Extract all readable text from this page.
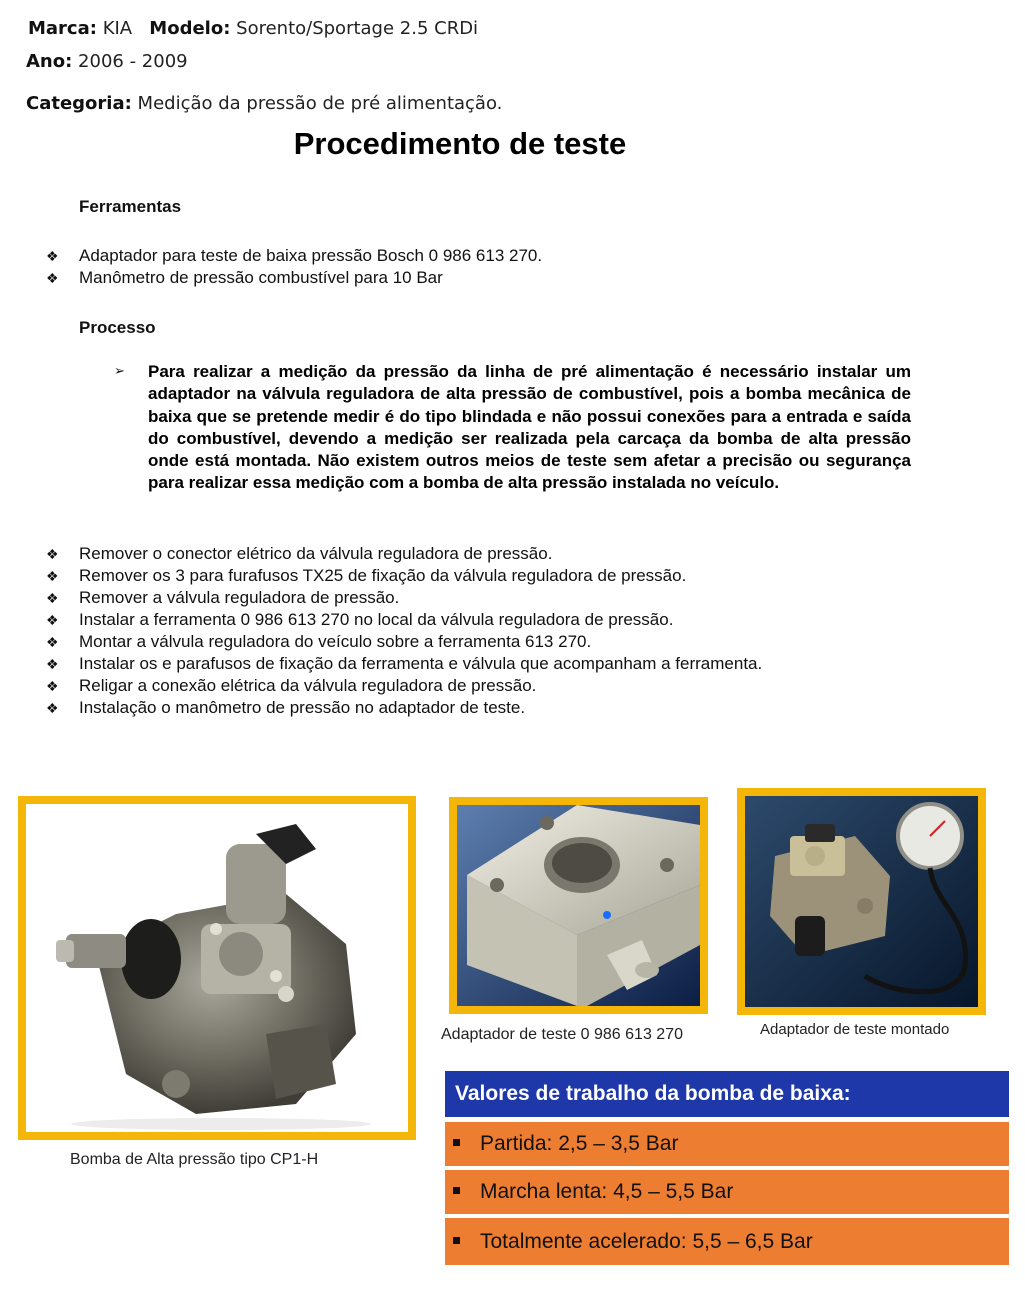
Marca: KIA Modelo: Sorento/Sportage 2.5 CRDi
Ano: 2006 - 2009
Categoria: Medição da pressão de pré alimentação.
Procedimento de teste
Ferramentas
❖ Adaptador para teste de baixa pressão Bosch 0 986 613 270.
❖ Manômetro de pressão combustível para 10 Bar
Processo
➢ Para realizar a medição da pressão da linha de pré alimentação é necessário instalar um adaptador na válvula reguladora de alta pressão de combustível, pois a bomba mecânica de baixa que se pretende medir é do tipo blindada e não possui conexões para a entrada e saída do combustível, devendo a medição ser realizada pela carcaça da bomba de alta pressão onde está montada. Não existem outros meios de teste sem afetar a precisão ou segurança para realizar essa medição com a bomba de alta pressão instalada no veículo.
❖ Remover o conector elétrico da válvula reguladora de pressão.
❖ Remover os 3 para furafusos TX25 de fixação da válvula reguladora de pressão.
❖ Remover a válvula reguladora de pressão.
❖ Instalar a ferramenta 0 986 613 270 no local da válvula reguladora de pressão.
❖ Montar a válvula reguladora do veículo sobre a ferramenta 613 270.
❖ Instalar os e parafusos de fixação da ferramenta e válvula que acompanham a ferramenta.
❖ Religar a conexão elétrica da válvula reguladora de pressão.
❖ Instalação o manômetro de pressão no adaptador de teste.
Bomba de Alta pressão tipo CP1-H
Adaptador de teste 0 986 613 270	Adaptador de teste montado
Valores de trabalho da bomba de baixa:
Partida: 2,5 – 3,5 Bar
Marcha lenta: 4,5 – 5,5 Bar
Totalmente acelerado: 5,5 – 6,5 Bar
